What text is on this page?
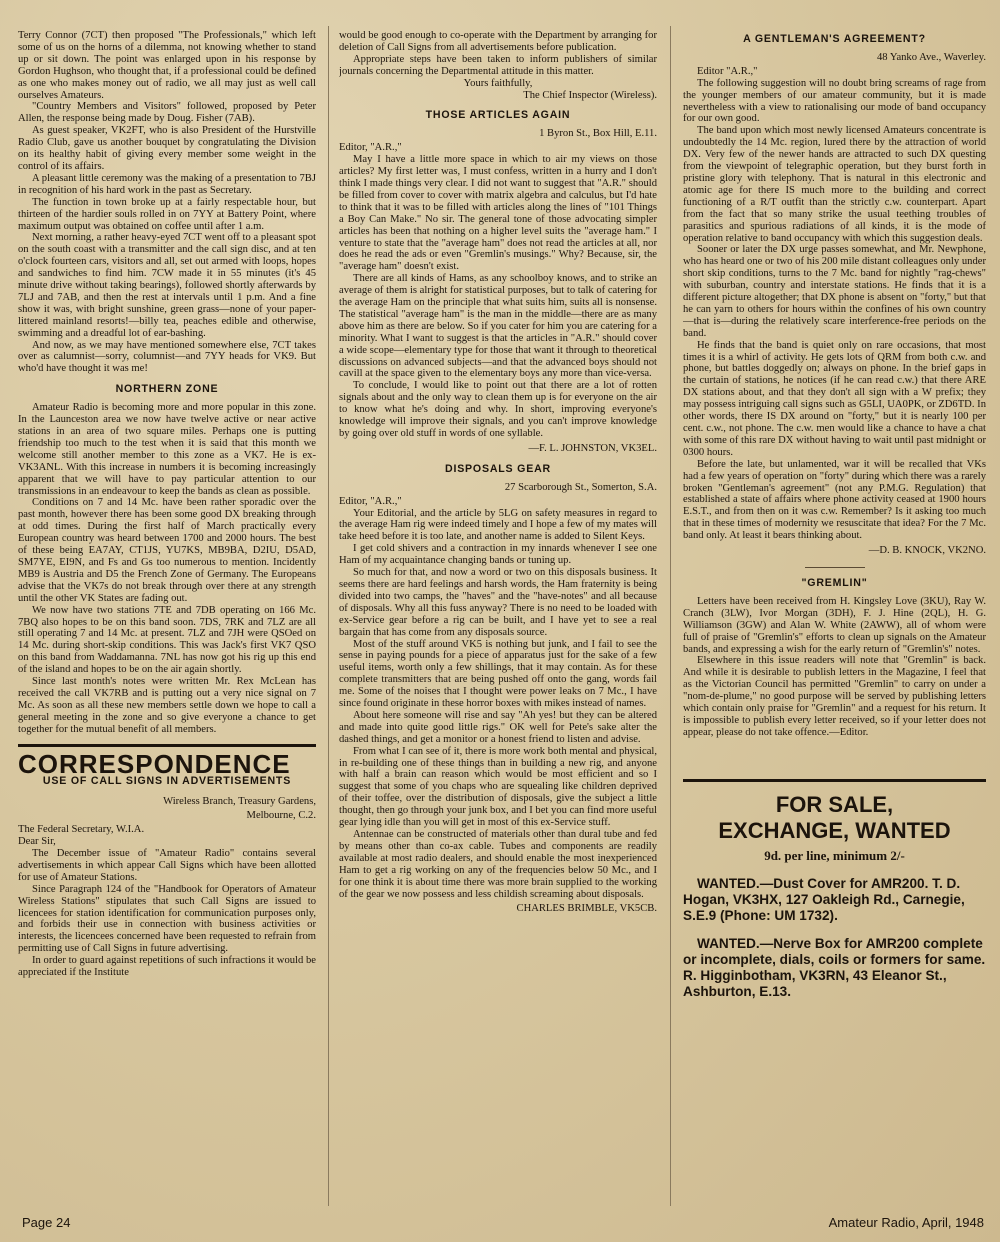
Terry Connor (7CT) then proposed "The Professionals," which left some of us on the horns of a dilemma, not knowing whether to stand up or sit down. The point was enlarged upon in his response by Gordon Hughson, who thought that, if a professional could be defined as one who makes money out of radio, we all may just as well call ourselves Amateurs.

"Country Members and Visitors" followed, proposed by Peter Allen, the response being made by Doug. Fisher (7AB).

As guest speaker, VK2FT, who is also President of the Hurstville Radio Club, gave us another bouquet by congratulating the Division on its healthy habit of giving every member some weight in the control of its affairs.

A pleasant little ceremony was the making of a presentation to 7BJ in recognition of his hard work in the past as Secretary.

The function in town broke up at a fairly respectable hour, but thirteen of the hardier souls rolled in on 7YY at Battery Point, where maximum output was obtained on coffee until after 1 a.m.

Next morning, a rather heavy-eyed 7CT went off to a pleasant spot on the south coast with a transmitter and the call sign disc, and at ten o'clock fourteen cars, visitors and all, set out armed with loops, hopes and sandwiches to find him. 7CW made it in 55 minutes (it's 45 minute drive without taking bearings), followed shortly afterwards by 7LJ and 7AB, and then the rest at intervals until 1 p.m. And a fine show it was, with bright sunshine, green grass—none of your paper-littered mainland resorts!—billy tea, peaches edible and otherwise, swimming and a dreadful lot of ear-bashing.

And now, as we may have mentioned somewhere else, 7CT takes over as calumnist—sorry, columnist—and 7YY heads for VK9. But who'd have thought it was me!

NORTHERN ZONE

Amateur Radio is becoming more and more popular in this zone. In the Launceston area we now have twelve active or near active stations in an area of two square miles. Perhaps one is putting friendship too much to the test when it is said that this month we welcome still another member to this zone as a VK7. He is ex-VK3ANL. With this increase in numbers it is becoming increasingly apparent that we will have to pay particular attention to our transmissions in an endeavour to keep the bands as clean as possible.

Conditions on 7 and 14 Mc. have been rather sporadic over the past month, however there has been some good DX breaking through at odd times. During the first half of March practically every European country was heard between 1700 and 2000 hours. The best of these being EA7AY, CT1JS, YU7KS, MB9BA, D2IU, D5AD, SM7YE, EI9N, and Fs and Gs too numerous to mention. Incidently MB9 is Austria and D5 the French Zone of Germany. The Europeans advise that the VK7s do not break through over there at any strength until the other VK States are fading out.

We now have two stations 7TE and 7DB operating on 166 Mc. 7BQ also hopes to be on this band soon. 7DS, 7RK and 7LZ are all still operating 7 and 14 Mc. at present. 7LZ and 7JH were QSOed on 14 Mc. during short-skip conditions. This was Jack's first VK7 QSO on this band from Waddamanna. 7NL has now got his rig up this end of the island and hopes to be on the air again shortly.

Since last month's notes were written Mr. Rex McLean has received the call VK7RB and is putting out a very nice signal on 7 Mc. As soon as all these new members settle down we hope to call a general meeting in the zone and so give everyone a chance to get together for the mutual benefit of all members.

CORRESPONDENCE
USE OF CALL SIGNS IN ADVERTISEMENTS
Wireless Branch, Treasury Gardens,
Melbourne, C.2.

The Federal Secretary, W.I.A.

Dear Sir,

The December issue of "Amateur Radio" contains several advertisements in which appear Call Signs which have been allotted for use of Amateur Stations.

Since Paragraph 124 of the "Handbook for Operators of Amateur Wireless Stations" stipulates that such Call Signs are issued to licencees for station identification for communication purposes only, and forbids their use in connection with business activities or interests, the licencees concerned have been requested to refrain from permitting use of Call Signs in future advertising.

In order to guard against repetitions of such infractions it would be appreciated if the Institute

would be good enough to co-operate with the Department by arranging for deletion of Call Signs from all advertisements before publication.

Appropriate steps have been taken to inform publishers of similar journals concerning the Departmental attitude in this matter.

Yours faithfully,
The Chief Inspector (Wireless).
THOSE ARTICLES AGAIN
1 Byron St., Box Hill, E.11.

Editor, "A.R.,"

May I have a little more space in which to air my views on those articles? My first letter was, I must confess, written in a hurry and I don't think I made things very clear. I did not want to suggest that "A.R." should be filled from cover to cover with matrix algebra and calculus, but I'd hate to think that it was to be filled with articles along the lines of "101 Things a Boy Can Make." No sir. The general tone of those advocating simpler articles has been that nothing on a higher level suits the "average ham." I venture to state that the "average ham" does not read the articles at all, nor does he read the ads or even "Gremlin's musings." Why? Because, sir, the "average ham" doesn't exist.

There are all kinds of Hams, as any schoolboy knows, and to strike an average of them is alright for statistical purposes, but to talk of catering for the average Ham on the principle that what suits him, suits all is nonsense. The statistical "average ham" is the man in the middle—there are as many above him as there are below. So if you cater for him you are catering for a minority. What I want to suggest is that the articles in "A.R." should cover a wide scope—elementary type for those that want it through to theoretical discussions on advanced subjects—and that the advanced boys should not cavill at the space given to the elementary boys any more than vice-versa.

To conclude, I would like to point out that there are a lot of rotten signals about and the only way to clean them up is for everyone on the air to know what he's doing and why. In short, improving everyone's knowledge will improve their signals, and you can't improve knowledge by going over old stuff in words of one syllable.

—F. L. JOHNSTON, VK3EL.
DISPOSALS GEAR
27 Scarborough St., Somerton, S.A.

Editor, "A.R.,"

Your Editorial, and the article by 5LG on safety measures in regard to the average Ham rig were indeed timely and I hope a few of my mates will take heed before it is too late, and another name is added to Silent Keys.

I get cold shivers and a contraction in my innards whenever I see one Ham of my acquaintance changing bands or tuning up.

So much for that, and now a word or two on this disposals business. It seems there are hard feelings and harsh words, the Ham fraternity is being divided into two camps, the "haves" and the "have-notes" and all because of disposals. Why all this fuss anyway? There is no need to be loaded with ex-Service gear before a rig can be built, and I have yet to see a real bargain that has come from any disposals source.

Most of the stuff around VK5 is nothing but junk, and I fail to see the sense in paying pounds for a piece of apparatus just for the sake of a few useful items, worth only a few shillings, that it may contain. As for these complete transmitters that are being pushed off onto the gang, words fail me. Some of the noises that I thought were power leaks on 7 Mc., I have since found originate in these horror boxes with mikes instead of names.

About here someone will rise and say "Ah yes! but they can be altered and made into quite good little rigs." OK well for Pete's sake alter the dashed things, and get a monitor or a honest friend to listen and advise.

From what I can see of it, there is more work both mental and physical, in re-building one of these things than in building a new rig, and anyone with half a brain can reason which would be most efficient and so I suggest that some of you chaps who are squealing like children deprived of their toffee, over the distribution of disposals, give the subject a little thought, then go through your junk box, and I bet you can find more useful gear lying idle than you will get in most of this ex-Service stuff.

Antennae can be constructed of materials other than dural tube and fed by means other than co-ax cable. Tubes and components are readily available at most radio dealers, and should enable the most inexperienced Ham to get a rig working on any of the frequencies below 50 Mc., and I for one think it is about time there was more brain supplied to the working of the gear we now possess and less childish screaming about disposals.

CHARLES BRIMBLE, VK5CB.
A GENTLEMAN'S AGREEMENT?
48 Yanko Ave., Waverley.

Editor "A.R.,"

The following suggestion will no doubt bring screams of rage from the younger members of our amateur community, but it is made nevertheless with a view to rationalising our mode of band occupancy for our own good.

The band upon which most newly licensed Amateurs concentrate is undoubtedly the 14 Mc. region, lured there by the attraction of world DX. Very few of the newer hands are attracted to such DX questing from the viewpoint of telegraphic operation, but they burst forth in pristine glory with telephony. That is natural in this electronic and atomic age for there IS much more to the building and correct functioning of a R/T outfit than the strictly c.w. counterpart. Apart from the fact that so many strike the usual teething troubles of parasitics and spurious radiations of all kinds, it is the mode of operation relative to band occupancy with which this suggestion deals.

Sooner or later the DX urge passes somewhat, and Mr. Newphone, who has heard one or two of his 200 mile distant colleagues only under short skip conditions, turns to the 7 Mc. band for nightly "rag-chews" with suburban, country and interstate stations. He finds that it is a different picture altogether; that DX phone is absent on "forty," but that he can yarn to others for hours within the confines of his own country—that is—during the relatively scare interference-free periods on the band.

He finds that the band is quiet only on rare occasions, that most times it is a whirl of activity. He gets lots of QRM from both c.w. and phone, but battles doggedly on; always on phone. In the brief gaps in the curtain of stations, he notices (if he can read c.w.) that there ARE DX stations about, and that they don't all sign with a W prefix; they may possess intriguing call signs such as G5LI, UA0PK, or ZD6TD. In other words, there IS DX around on "forty," but it is nearly 100 per cent. c.w., not phone. The c.w. men would like a chance to have a chat with some of this rare DX without having to wait until past midnight or 0300 hours.

Before the late, but unlamented, war it will be recalled that VKs had a few years of operation on "forty" during which there was a rarely broken "Gentleman's agreement" (not any P.M.G. Regulation) that established a state of affairs where phone activity ceased at 1900 hours E.S.T., and from then on it was c.w. Remember? Is it asking too much that in these times of modernity we resuscitate that idea? For the 7 Mc. band only. At least it bears thinking about.

—D. B. KNOCK, VK2NO.
"GREMLIN"

Letters have been received from H. Kingsley Love (3KU), Ray W. Cranch (3LW), Ivor Morgan (3DH), F. J. Hine (2QL), H. G. Williamson (3GW) and Alan W. White (2AWW), all of whom were full of praise of "Gremlin's" efforts to clean up signals on the Amateur bands, and expressing a wish for the early return of "Gremlin's" notes.

Elsewhere in this issue readers will note that "Gremlin" is back. And while it is desirable to publish letters in the Magazine, I feel that as the Victorian Council has permitted "Gremlin" to carry on under a "nom-de-plume," no good purpose will be served by publishing letters which contain only praise for "Gremlin" and a request for his return. It is impossible to publish every letter received, so if your letter does not appear, please do not take offence.—Editor.

FOR SALE,
EXCHANGE, WANTED
9d. per line, minimum 2/-
WANTED.—Dust Cover for AMR200. T. D. Hogan, VK3HX, 127 Oakleigh Rd., Carnegie, S.E.9 (Phone: UM 1732).
WANTED.—Nerve Box for AMR200 complete or incomplete, dials, coils or formers for same. R. Higginbotham, VK3RN, 43 Eleanor St., Ashburton, E.13.
Page 24	Amateur Radio, April, 1948
